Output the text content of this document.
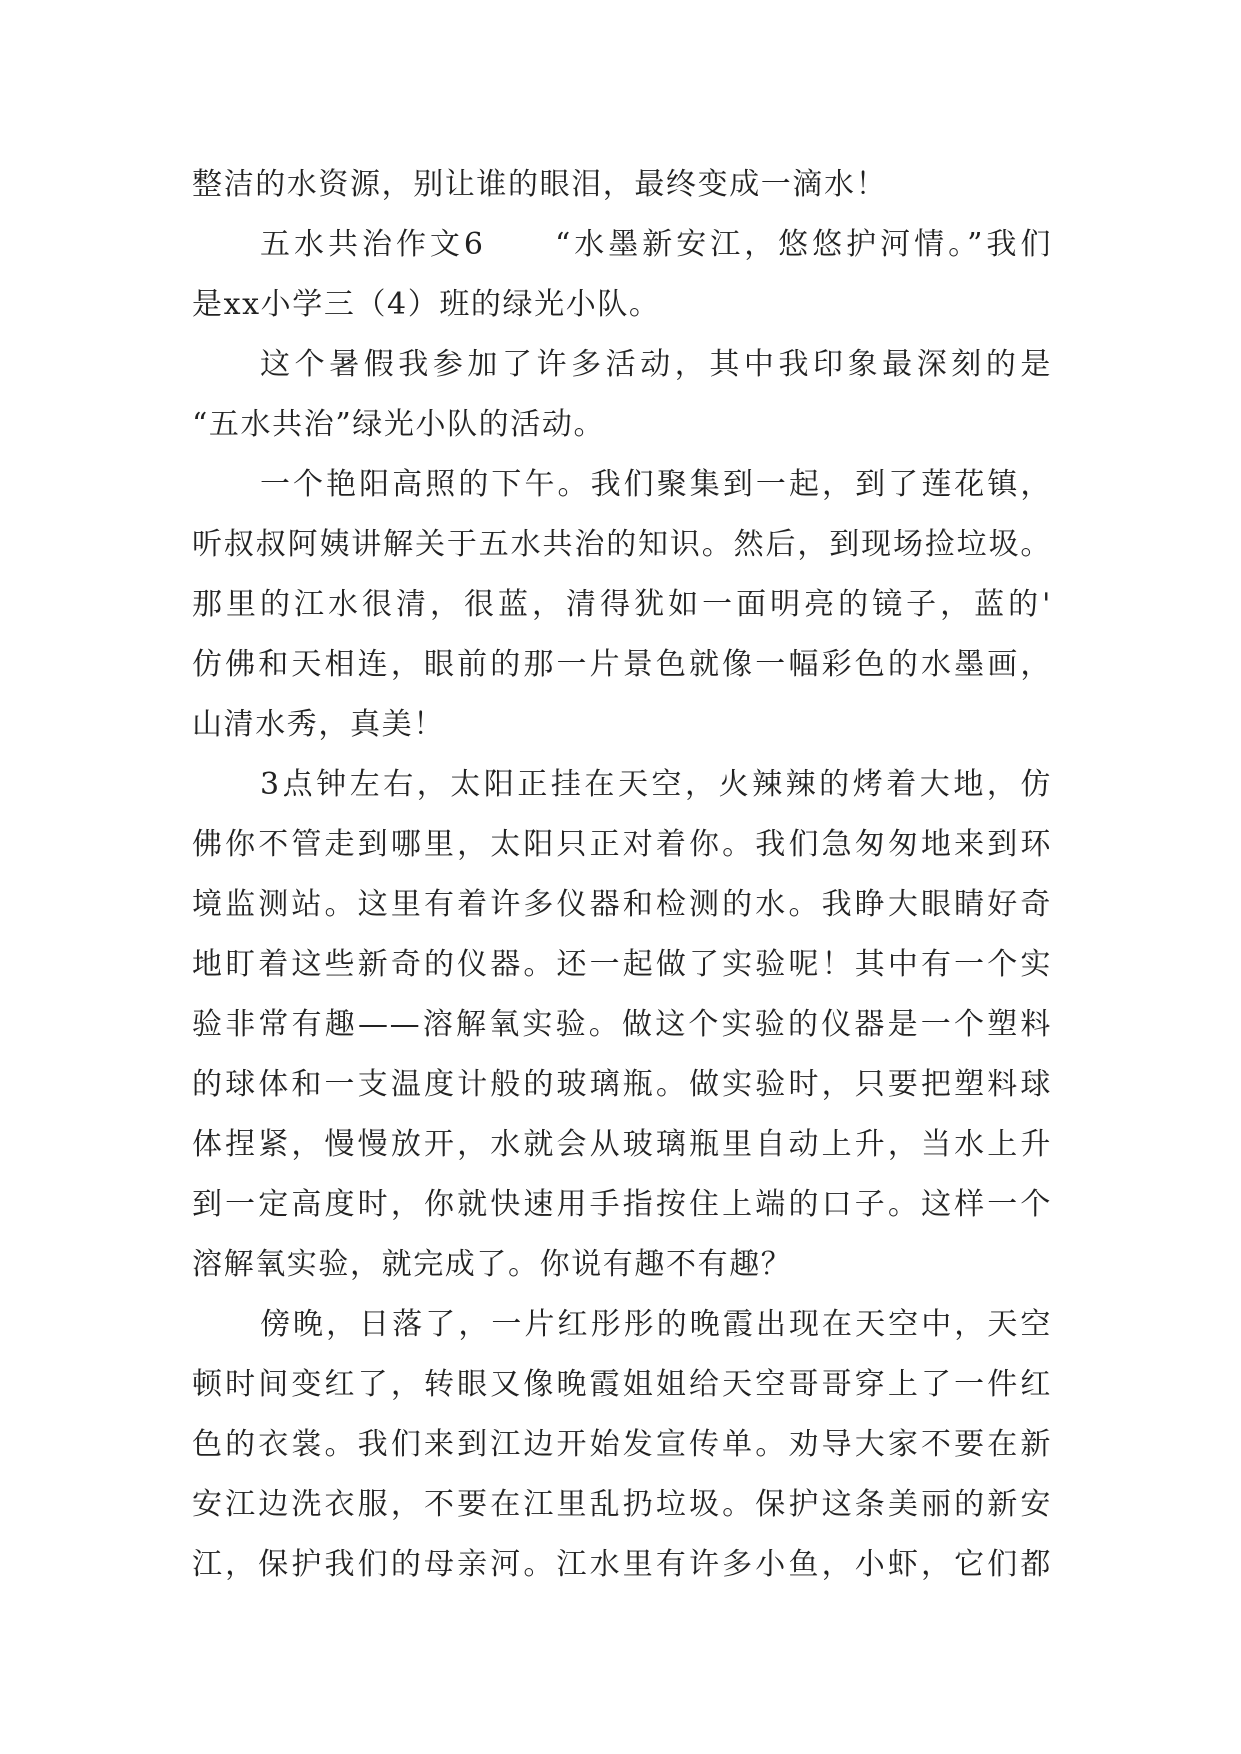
整洁的水资源，别让谁的眼泪，最终变成一滴水！
五水共治作文6　　“水墨新安江，悠悠护河情。”我们
是xx小学三（4）班的绿光小队。
这个暑假我参加了许多活动，其中我印象最深刻的是
“五水共治”绿光小队的活动。
一个艳阳高照的下午。我们聚集到一起，到了莲花镇，
听叔叔阿姨讲解关于五水共治的知识。然后，到现场捡垃圾。
那里的江水很清，很蓝，清得犹如一面明亮的镜子，蓝的'
仿佛和天相连，眼前的那一片景色就像一幅彩色的水墨画，
山清水秀，真美！
3点钟左右，太阳正挂在天空，火辣辣的烤着大地，仿
佛你不管走到哪里，太阳只正对着你。我们急匆匆地来到环
境监测站。这里有着许多仪器和检测的水。我睁大眼睛好奇
地盯着这些新奇的仪器。还一起做了实验呢！其中有一个实
验非常有趣——溶解氧实验。做这个实验的仪器是一个塑料
的球体和一支温度计般的玻璃瓶。做实验时，只要把塑料球
体捏紧，慢慢放开，水就会从玻璃瓶里自动上升，当水上升
到一定高度时，你就快速用手指按住上端的口子。这样一个
溶解氧实验，就完成了。你说有趣不有趣？
傍晚，日落了，一片红彤彤的晚霞出现在天空中，天空
顿时间变红了，转眼又像晚霞姐姐给天空哥哥穿上了一件红
色的衣裳。我们来到江边开始发宣传单。劝导大家不要在新
安江边洗衣服，不要在江里乱扔垃圾。保护这条美丽的新安
江，保护我们的母亲河。江水里有许多小鱼，小虾，它们都
